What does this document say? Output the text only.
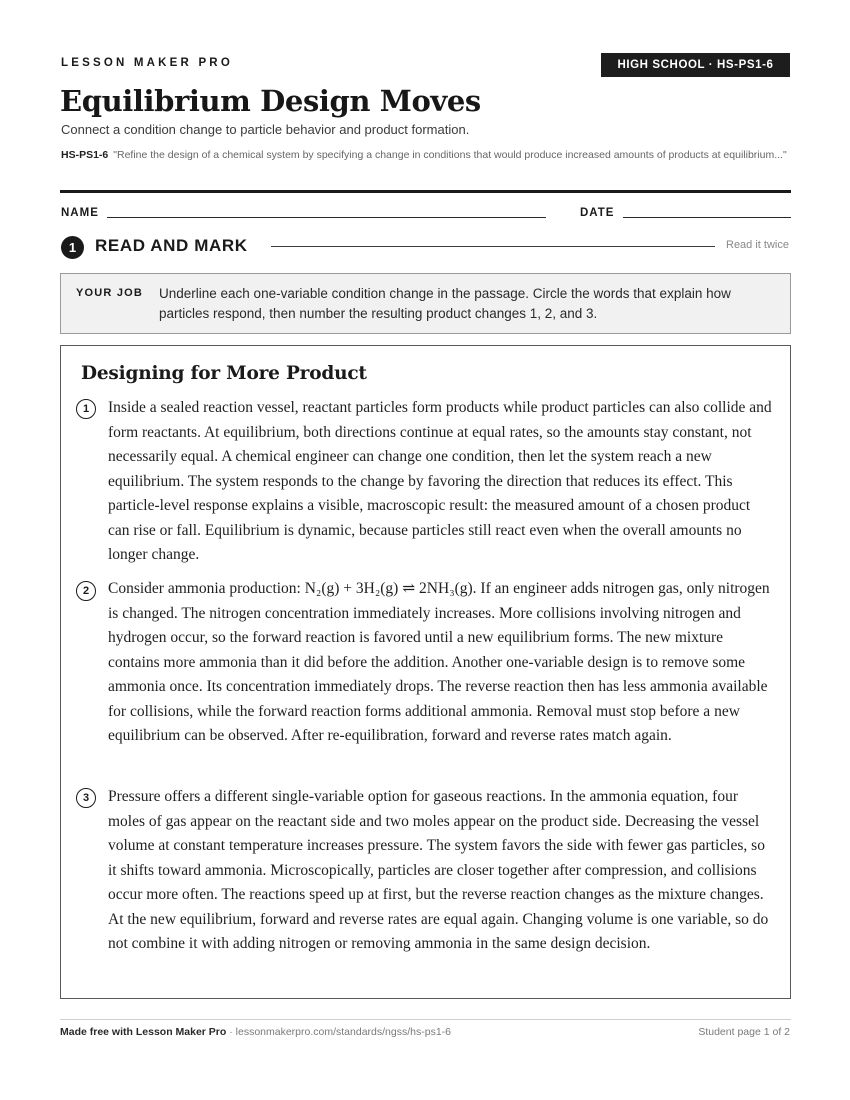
LESSON MAKER PRO	HIGH SCHOOL · HS-PS1-6
Equilibrium Design Moves
Connect a condition change to particle behavior and product formation.
HS-PS1-6 "Refine the design of a chemical system by specifying a change in conditions that would produce increased amounts of products at equilibrium..."
NAME	DATE
1	READ AND MARK	Read it twice
YOUR JOB Underline each one-variable condition change in the passage. Circle the words that explain how particles respond, then number the resulting product changes 1, 2, and 3.
Designing for More Product
1	Inside a sealed reaction vessel, reactant particles form products while product particles can also collide and form reactants. At equilibrium, both directions continue at equal rates, so the amounts stay constant, not necessarily equal. A chemical engineer can change one condition, then let the system reach a new equilibrium. The system responds to the change by favoring the direction that reduces its effect. This particle-level response explains a visible, macroscopic result: the measured amount of a chosen product can rise or fall. Equilibrium is dynamic, because particles still react even when the overall amounts no longer change.

2	Consider ammonia production: N₂(g) + 3H₂(g) ⇌ 2NH₃(g). If an engineer adds nitrogen gas, only nitrogen is changed. The nitrogen concentration immediately increases. More collisions involving nitrogen and hydrogen occur, so the forward reaction is favored until a new equilibrium forms. The new mixture contains more ammonia than it did before the addition. Another one-variable design is to remove some ammonia once. Its concentration immediately drops. The reverse reaction then has less ammonia available for collisions, while the forward reaction forms additional ammonia. Removal must stop before a new equilibrium can be observed. After re-equilibration, forward and reverse rates match again.

3	Pressure offers a different single-variable option for gaseous reactions. In the ammonia equation, four moles of gas appear on the reactant side and two moles appear on the product side. Decreasing the vessel volume at constant temperature increases pressure. The system favors the side with fewer gas particles, so it shifts toward ammonia. Microscopically, particles are closer together after compression, and collisions occur more often. The reactions speed up at first, but the reverse reaction changes as the mixture changes. At the new equilibrium, forward and reverse rates are equal again. Changing volume is one variable, so do not combine it with adding nitrogen or removing ammonia in the same design decision.

Made free with Lesson Maker Pro · lessonmakerpro.com/standards/ngss/hs-ps1-6	Student page 1 of 2
